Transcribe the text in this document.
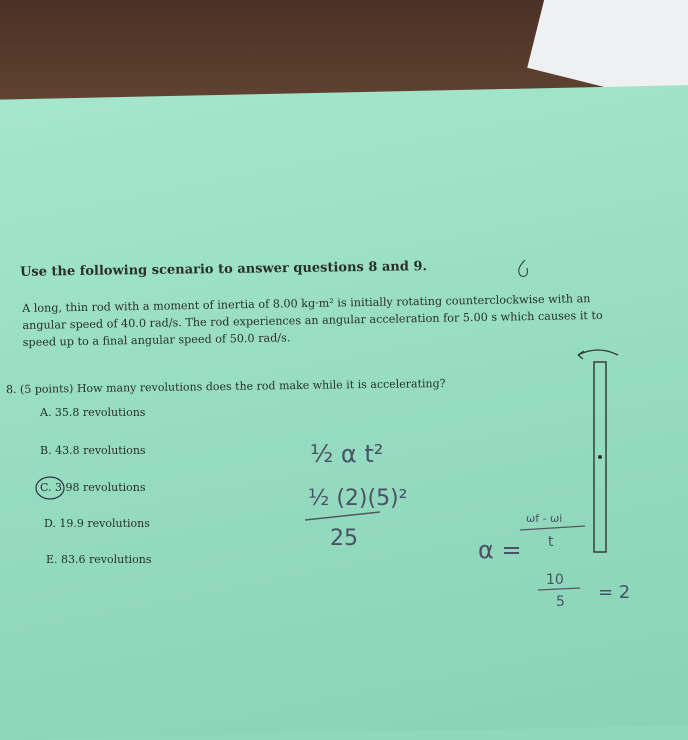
Use the following scenario to answer questions 8 and 9.
A long, thin rod with a moment of inertia of 8.00 kg·m² is initially rotating counterclockwise with an
angular speed of 40.0 rad/s. The rod experiences an angular acceleration for 5.00 s which causes it to
speed up to a final angular speed of 50.0 rad/s.
8. (5 points) How many revolutions does the rod make while it is accelerating?
A. 35.8 revolutions
B. 43.8 revolutions
C. 3.98 revolutions
D. 19.9 revolutions
E. 83.6 revolutions
½ α t²
½ (2)(5)²
25	α =
ωf - ωi
t
10
5 = 2
